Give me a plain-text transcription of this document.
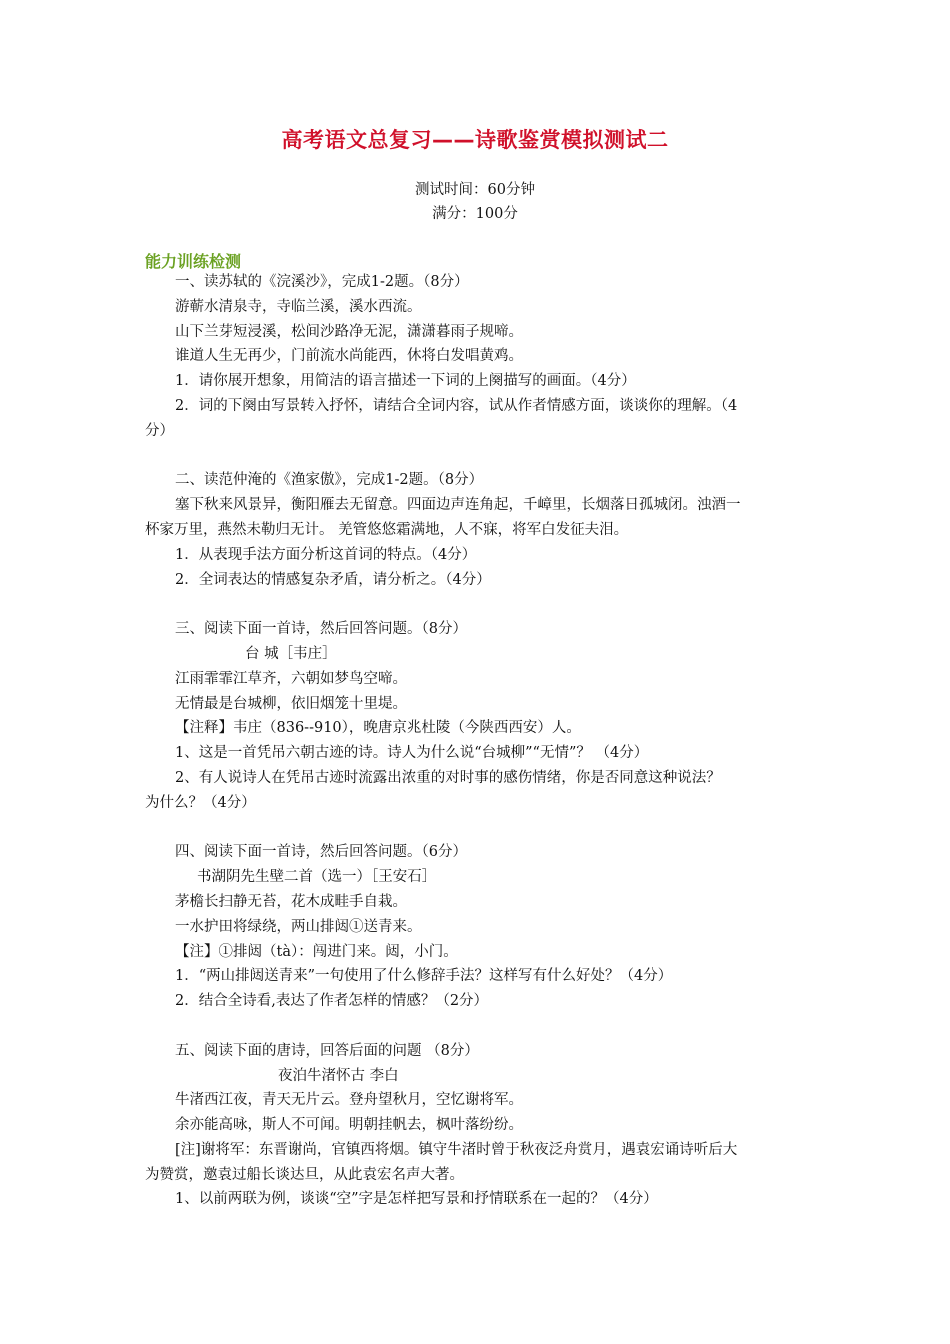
高考语文总复习——诗歌鉴赏模拟测试二
测试时间：60分钟
满分：100分
能力训练检测
一、读苏轼的《浣溪沙》，完成1-2题。（8分）
游蕲水清泉寺，寺临兰溪，溪水西流。
山下兰芽短浸溪，松间沙路净无泥，潇潇暮雨子规啼。
谁道人生无再少，门前流水尚能西，休将白发唱黄鸡。
1．请你展开想象，用简洁的语言描述一下词的上阕描写的画面。（4分）
2．词的下阕由写景转入抒怀，请结合全词内容，试从作者情感方面，谈谈你的理解。（4
分）
二、读范仲淹的《渔家傲》，完成1-2题。（8分）
塞下秋来风景异，衡阳雁去无留意。四面边声连角起，千嶂里，长烟落日孤城闭。浊酒一
杯家万里，燕然未勒归无计。 羌管悠悠霜满地，人不寐，将军白发征夫泪。
1．从表现手法方面分析这首词的特点。（4分）
2．全词表达的情感复杂矛盾，请分析之。（4分）
三、阅读下面一首诗，然后回答问题。（8分）
台 城［韦庄］
江雨霏霏江草齐，六朝如梦鸟空啼。
无情最是台城柳，依旧烟笼十里堤。
【注释】韦庄（836--910），晚唐京兆杜陵（今陕西西安）人。
1、这是一首凭吊六朝古迹的诗。诗人为什么说“台城柳”“无情”？ （4分）
2、有人说诗人在凭吊古迹时流露出浓重的对时事的感伤情绪，你是否同意这种说法？
为什么？（4分）
四、阅读下面一首诗，然后回答问题。（6分）
书湖阴先生壁二首（选一）［王安石］
茅檐长扫静无苔，花木成畦手自栽。
一水护田将绿绕，两山排闼①送青来。
【注】①排闼（tà）：闯进门来。闼，小门。
1．“两山排闼送青来”一句使用了什么修辞手法？这样写有什么好处？（4分）
2．结合全诗看,表达了作者怎样的情感？（2分）
五、阅读下面的唐诗，回答后面的问题 （8分）
夜泊牛渚怀古 李白
牛渚西江夜，青天无片云。登舟望秋月，空忆谢将军。
余亦能高咏，斯人不可闻。明朝挂帆去，枫叶落纷纷。
[注]谢将军：东晋谢尚，官镇西将烟。镇守牛渚时曾于秋夜泛舟赏月，遇袁宏诵诗听后大
为赞赏，邀袁过船长谈达旦，从此袁宏名声大著。
1、以前两联为例，谈谈“空”字是怎样把写景和抒情联系在一起的？（4分）
